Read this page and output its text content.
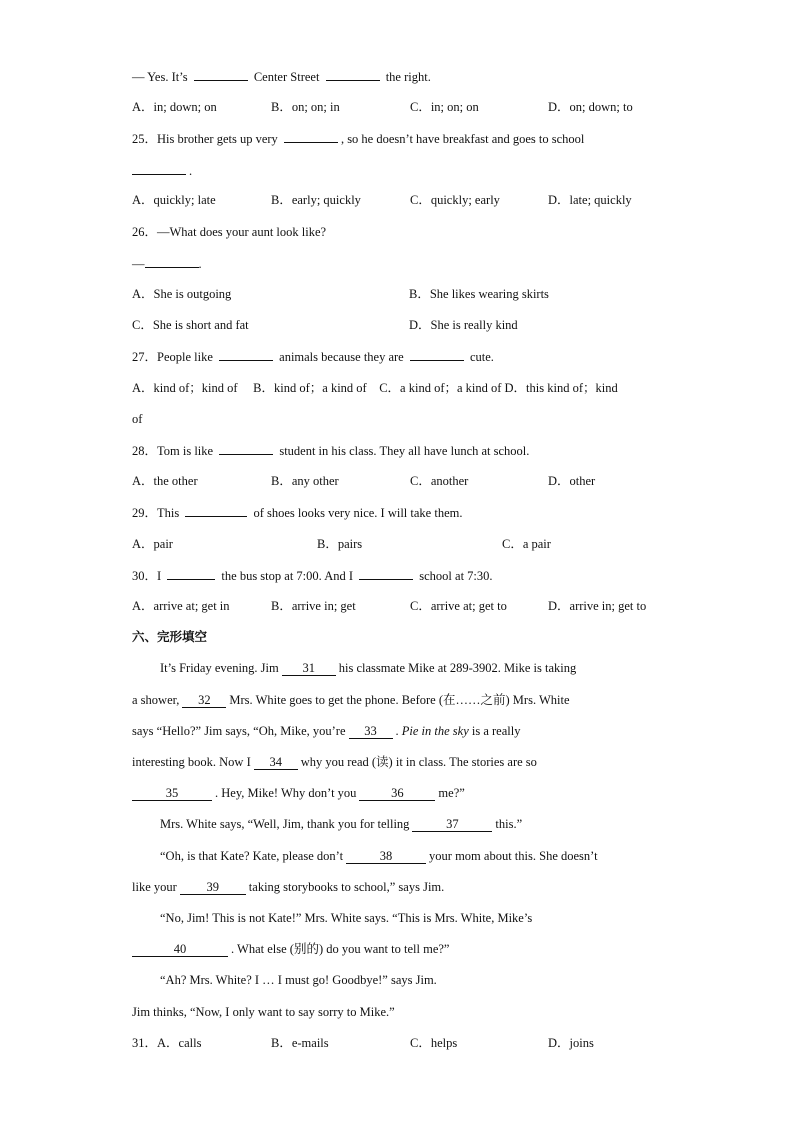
— Yes. It’s	Center Street	the right.
A．in; down; on	B．on; on; in	C．in; on; on	D．on; down; to
25．His brother gets up very	, so he doesn’t have breakfast and goes to school
.
A．quickly; late	B．early; quickly	C．quickly; early	D．late; quickly
26．—What does your aunt look like?
—	.
A．She is outgoing	B．She likes wearing skirts
C．She is short and fat	D．She is really kind
27．People like	animals because they are	cute.
A．kind of；kind of　 B．kind of；a kind of　C．a kind of；a kind of D．this kind of；kind
of
28．Tom is like	student in his class. They all have lunch at school.
A．the other	B．any other	C．another	D．other
29．This	of shoes looks very nice. I will take them.
A．pair	B．pairs	C．a pair
30．I	the bus stop at 7:00. And I	school at 7:30.
A．arrive at; get in	B．arrive in; get	C．arrive at; get to	D．arrive in; get to
六、完形填空
It’s Friday evening. Jim 31 his classmate Mike at 289-3902. Mike is taking
a shower, 32 Mrs. White goes to get the phone. Before (在……之前) Mrs. White
says “Hello?” Jim says, “Oh, Mike, you’re 33 . Pie in the sky is a really
interesting book. Now I 34 why you read (读) it in class. The stories are so
35	. Hey, Mike! Why don’t you	36	me?”
Mrs. White says, “Well, Jim, thank you for telling	37	this.”
“Oh, is that Kate? Kate, please don’t	38	your mom about this. She doesn’t
like your 39 taking storybooks to school,” says Jim.
“No, Jim! This is not Kate!” Mrs. White says. “This is Mrs. White, Mike’s
40	. What else (别的) do you want to tell me?”
“Ah? Mrs. White? I … I must go! Goodbye!” says Jim.
Jim thinks, “Now, I only want to say sorry to Mike.”
31．A．calls	B．e-mails	C．helps	D．joins
